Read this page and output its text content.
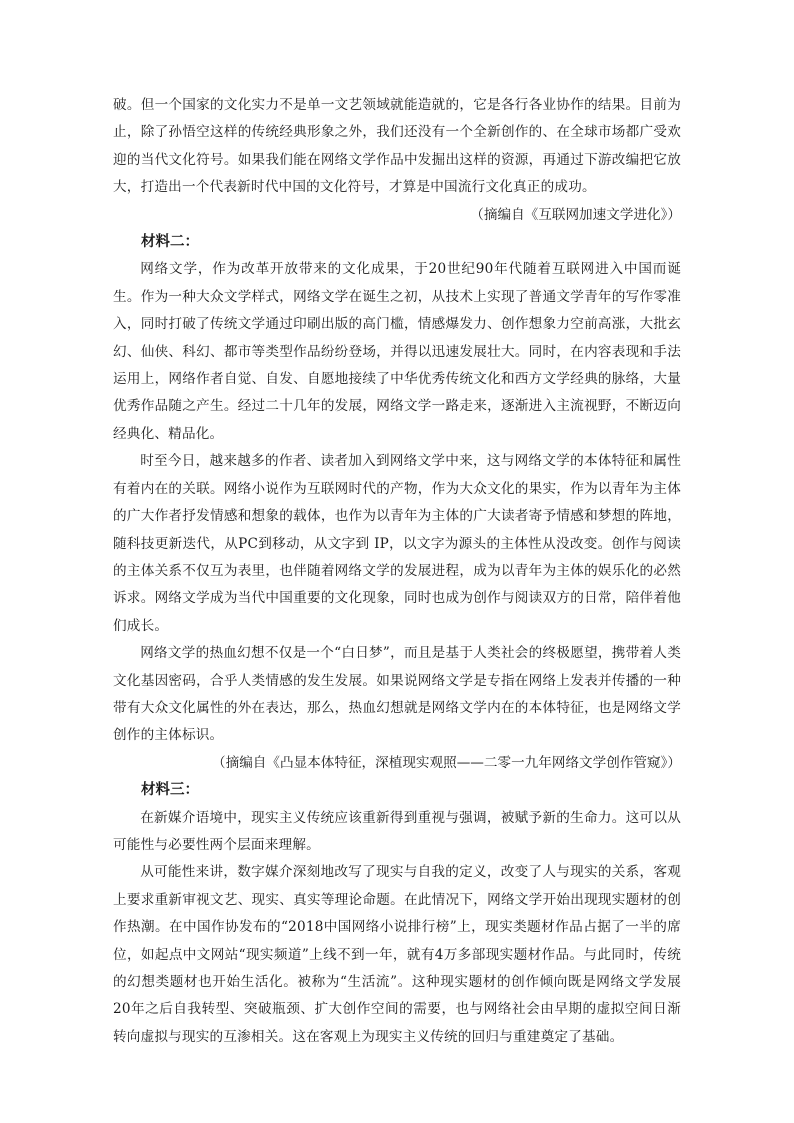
破。但一个国家的文化实力不是单一文艺领域就能造就的，它是各行各业协作的结果。目前为止，除了孙悟空这样的传统经典形象之外，我们还没有一个全新创作的、在全球市场都广受欢迎的当代文化符号。如果我们能在网络文学作品中发掘出这样的资源，再通过下游改编把它放大，打造出一个代表新时代中国的文化符号，才算是中国流行文化真正的成功。

（摘编自《互联网加速文学进化》）

材料二：

网络文学，作为改革开放带来的文化成果，于20世纪90年代随着互联网进入中国而诞生。作为一种大众文学样式，网络文学在诞生之初，从技术上实现了普通文学青年的写作零准入，同时打破了传统文学通过印刷出版的高门槛，情感爆发力、创作想象力空前高涨，大批玄幻、仙侠、科幻、都市等类型作品纷纷登场，并得以迅速发展壮大。同时，在内容表现和手法运用上，网络作者自觉、自发、自愿地接续了中华优秀传统文化和西方文学经典的脉络，大量优秀作品随之产生。经过二十几年的发展，网络文学一路走来，逐渐进入主流视野，不断迈向经典化、精品化。

时至今日，越来越多的作者、读者加入到网络文学中来，这与网络文学的本体特征和属性有着内在的关联。网络小说作为互联网时代的产物，作为大众文化的果实，作为以青年为主体的广大作者抒发情感和想象的载体，也作为以青年为主体的广大读者寄予情感和梦想的阵地，随科技更新迭代，从PC到移动，从文字到 IP，以文字为源头的主体性从没改变。创作与阅读的主体关系不仅互为表里，也伴随着网络文学的发展进程，成为以青年为主体的娱乐化的必然诉求。网络文学成为当代中国重要的文化现象，同时也成为创作与阅读双方的日常，陪伴着他们成长。

网络文学的热血幻想不仅是一个“白日梦”，而且是基于人类社会的终极愿望，携带着人类文化基因密码，合乎人类情感的发生发展。如果说网络文学是专指在网络上发表并传播的一种带有大众文化属性的外在表达，那么，热血幻想就是网络文学内在的本体特征，也是网络文学创作的主体标识。

（摘编自《凸显本体特征，深植现实观照——二零一九年网络文学创作管窥》）

材料三：

在新媒介语境中，现实主义传统应该重新得到重视与强调，被赋予新的生命力。这可以从可能性与必要性两个层面来理解。

从可能性来讲，数字媒介深刻地改写了现实与自我的定义，改变了人与现实的关系，客观上要求重新审视文艺、现实、真实等理论命题。在此情况下，网络文学开始出现现实题材的创作热潮。在中国作协发布的“2018中国网络小说排行榜”上，现实类题材作品占据了一半的席位，如起点中文网站“现实频道”上线不到一年，就有4万多部现实题材作品。与此同时，传统的幻想类题材也开始生活化。被称为“生活流”。这种现实题材的创作倾向既是网络文学发展20年之后自我转型、突破瓶颈、扩大创作空间的需要，也与网络社会由早期的虚拟空间日渐转向虚拟与现实的互渗相关。这在客观上为现实主义传统的回归与重建奠定了基础。
